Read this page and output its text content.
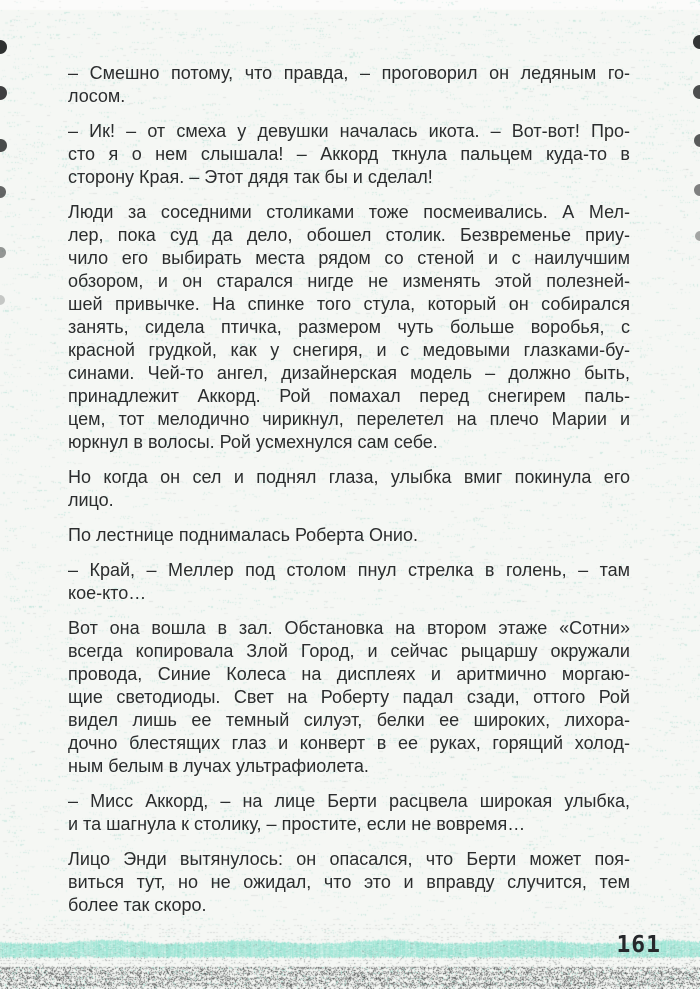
– Смешно потому, что правда, – проговорил он ледяным го-
лосом.
– Ик! – от смеха у девушки началась икота. – Вот-вот! Про-
сто я о нем слышала! – Аккорд ткнула пальцем куда-то в
сторону Края. – Этот дядя так бы и сделал!
Люди за соседними столиками тоже посмеивались. А Мел-
лер, пока суд да дело, обошел столик. Безвременье приу-
чило его выбирать места рядом со стеной и с наилучшим
обзором, и он старался нигде не изменять этой полезней-
шей привычке. На спинке того стула, который он собирался
занять, сидела птичка, размером чуть больше воробья, с
красной грудкой, как у снегиря, и с медовыми глазками-бу-
синами. Чей-то ангел, дизайнерская модель – должно быть,
принадлежит Аккорд. Рой помахал перед снегирем паль-
цем, тот мелодично чирикнул, перелетел на плечо Марии и
юркнул в волосы. Рой усмехнулся сам себе.
Но когда он сел и поднял глаза, улыбка вмиг покинула его
лицо.
По лестнице поднималась Роберта Онио.
– Край, – Меллер под столом пнул стрелка в голень, – там
кое-кто…
Вот она вошла в зал. Обстановка на втором этаже «Сотни»
всегда копировала Злой Город, и сейчас рыцаршу окружали
провода, Синие Колеса на дисплеях и аритмично моргаю-
щие светодиоды. Свет на Роберту падал сзади, оттого Рой
видел лишь ее темный силуэт, белки ее широких, лихора-
дочно блестящих глаз и конверт в ее руках, горящий холод-
ным белым в лучах ультрафиолета.
– Мисс Аккорд, – на лице Берти расцвела широкая улыбка,
и та шагнула к столику, – простите, если не вовремя…
Лицо Энди вытянулось: он опасался, что Берти может поя-
виться тут, но не ожидал, что это и вправду случится, тем
более так скоро.
161
